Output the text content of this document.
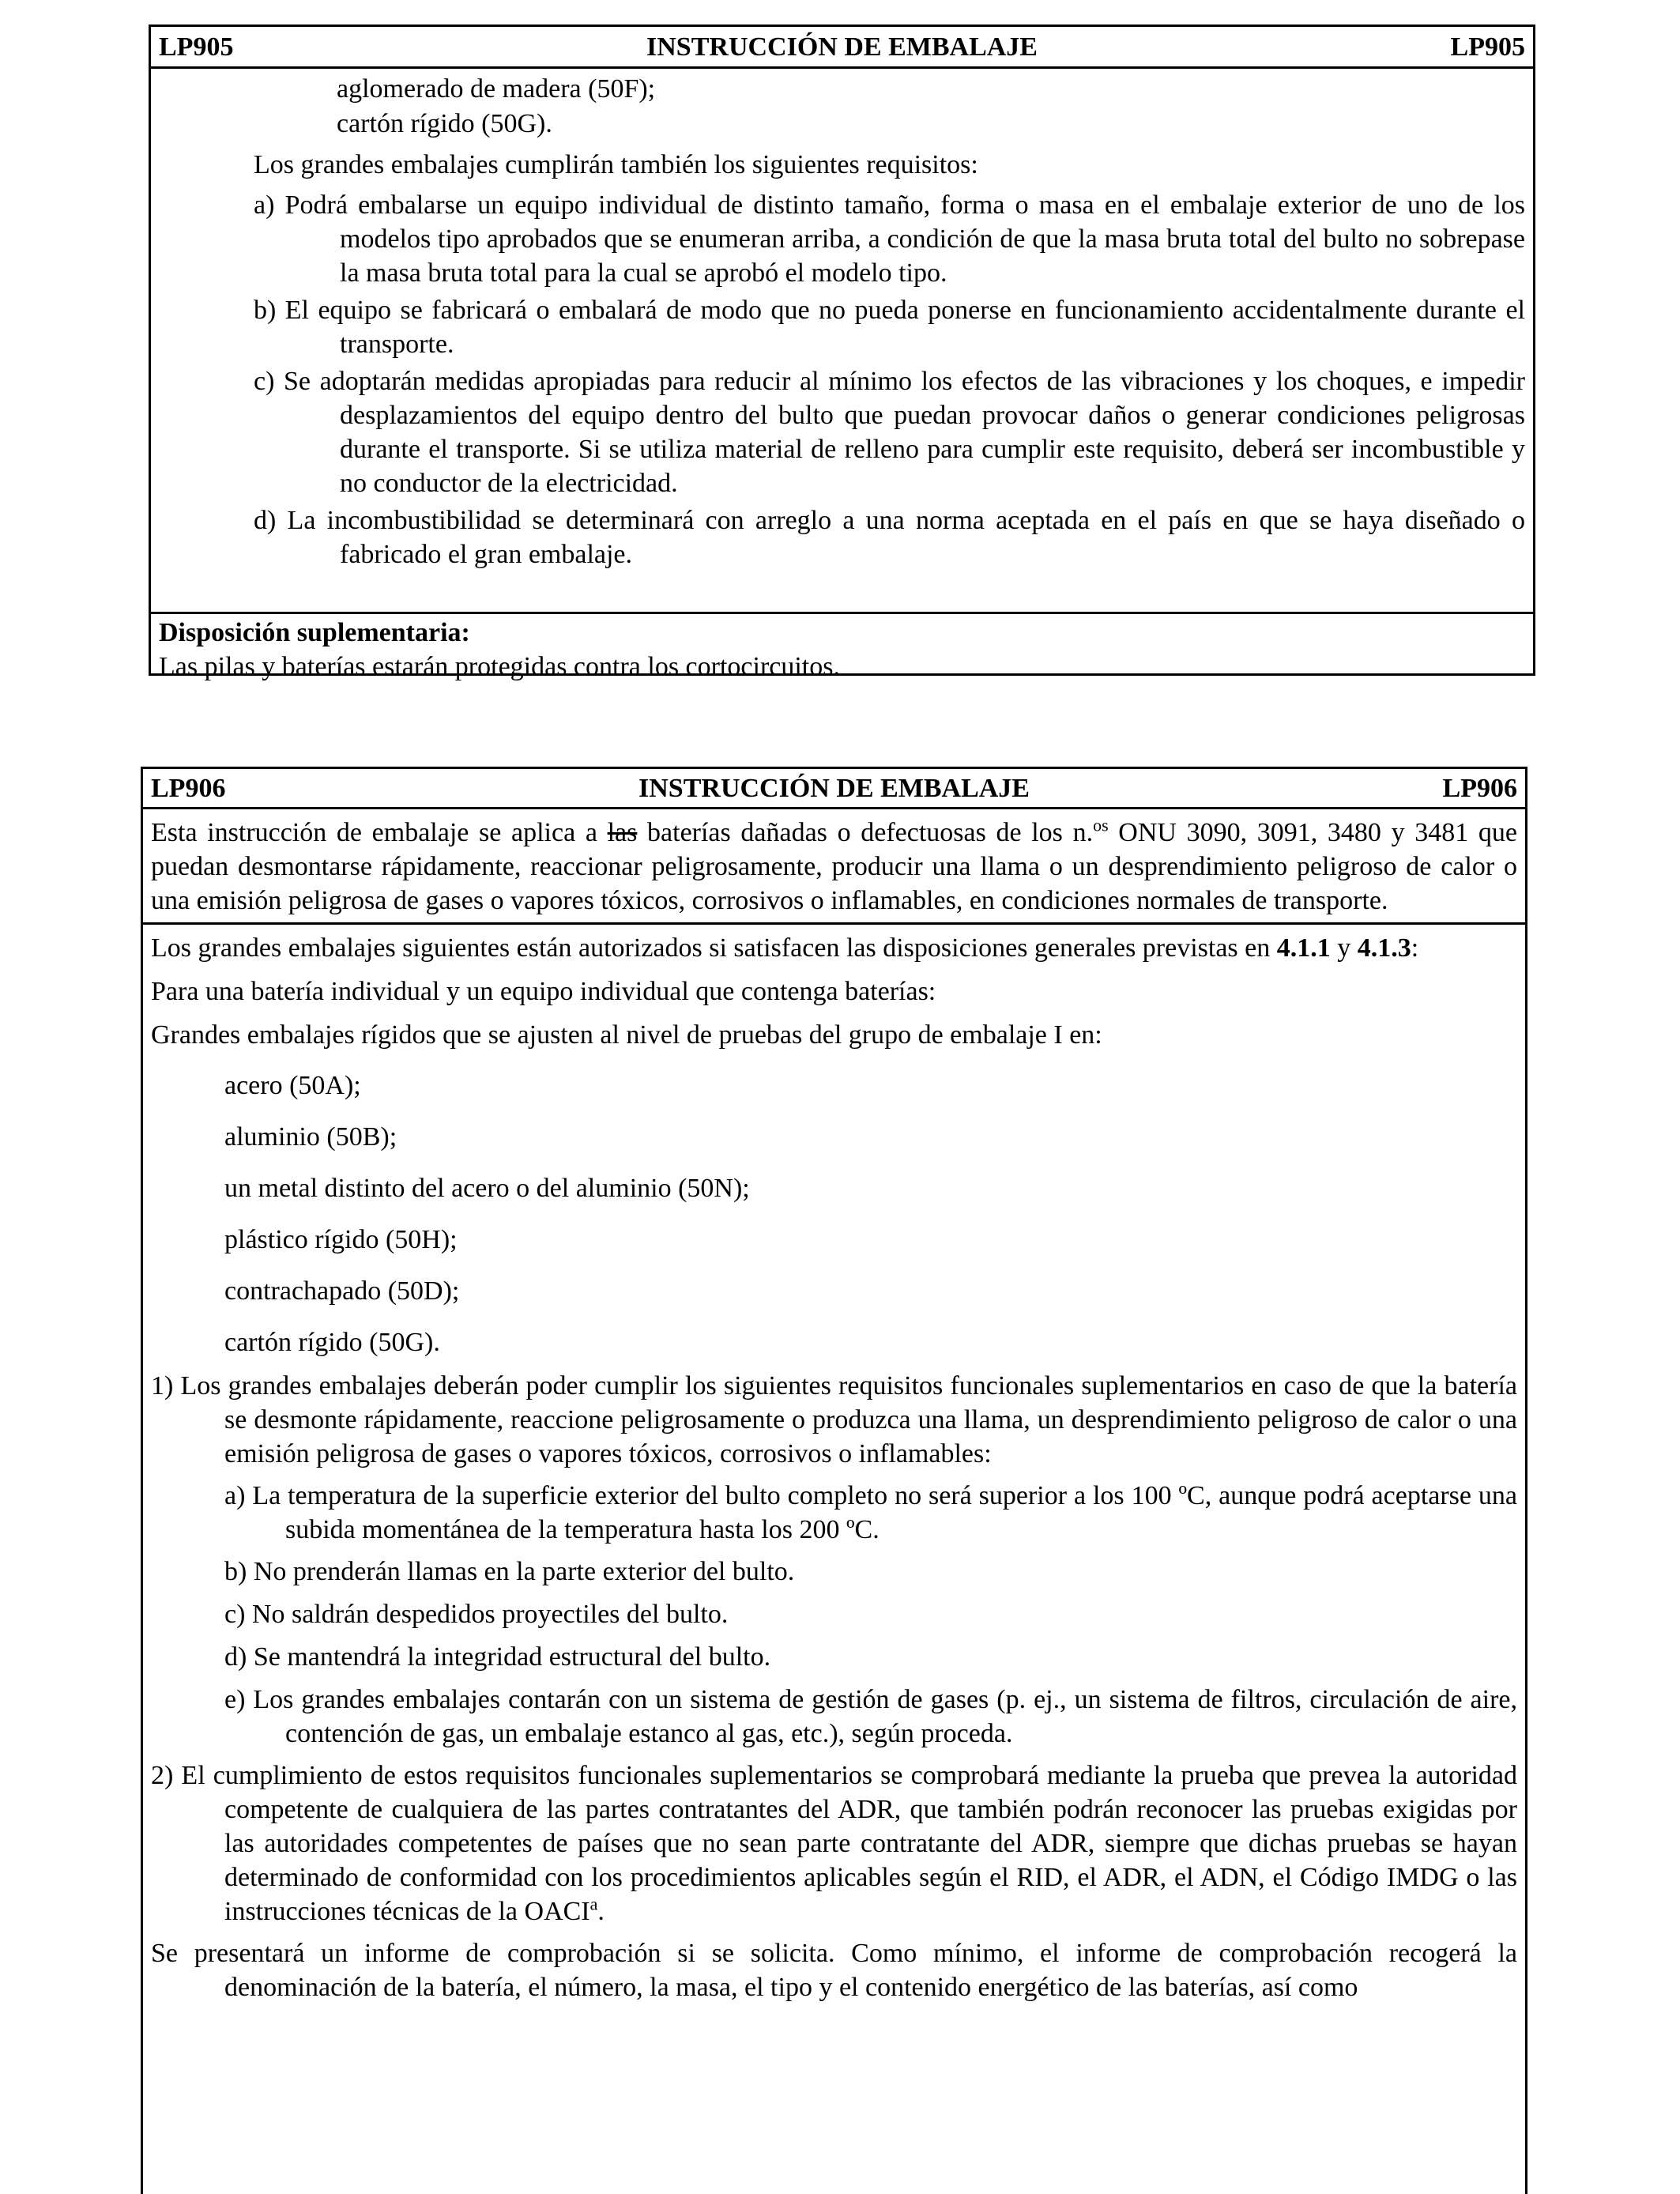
LP905	INSTRUCCIÓN DE EMBALAJE	LP905

aglomerado de madera (50F);

cartón rígido (50G).

Los grandes embalajes cumplirán también los siguientes requisitos:

a) Podrá embalarse un equipo individual de distinto tamaño, forma o masa en el embalaje exterior de uno de los modelos tipo aprobados que se enumeran arriba, a condición de que la masa bruta total del bulto no sobrepase la masa bruta total para la cual se aprobó el modelo tipo.

b) El equipo se fabricará o embalará de modo que no pueda ponerse en funcionamiento accidentalmente durante el transporte.

c) Se adoptarán medidas apropiadas para reducir al mínimo los efectos de las vibraciones y los choques, e impedir desplazamientos del equipo dentro del bulto que puedan provocar daños o generar condiciones peligrosas durante el transporte. Si se utiliza material de relleno para cumplir este requisito, deberá ser incombustible y no conductor de la electricidad.

d) La incombustibilidad se determinará con arreglo a una norma aceptada en el país en que se haya diseñado o fabricado el gran embalaje.

Disposición suplementaria:

Las pilas y baterías estarán protegidas contra los cortocircuitos.

LP906	INSTRUCCIÓN DE EMBALAJE	LP906

Esta instrucción de embalaje se aplica a las baterías dañadas o defectuosas de los n.$^{os}$ ONU 3090, 3091, 3480 y 3481 que puedan desmontarse rápidamente, reaccionar peligrosamente, producir una llama o un desprendimiento peligroso de calor o una emisión peligrosa de gases o vapores tóxicos, corrosivos o inflamables, en condiciones normales de transporte.

Los grandes embalajes siguientes están autorizados si satisfacen las disposiciones generales previstas en 4.1.1 y 4.1.3:

Para una batería individual y un equipo individual que contenga baterías:

Grandes embalajes rígidos que se ajusten al nivel de pruebas del grupo de embalaje I en:

acero (50A);

aluminio (50B);

un metal distinto del acero o del aluminio (50N);

plástico rígido (50H);

contrachapado (50D);

cartón rígido (50G).

1) Los grandes embalajes deberán poder cumplir los siguientes requisitos funcionales suplementarios en caso de que la batería se desmonte rápidamente, reaccione peligrosamente o produzca una llama, un desprendimiento peligroso de calor o una emisión peligrosa de gases o vapores tóxicos, corrosivos o inflamables:

a) La temperatura de la superficie exterior del bulto completo no será superior a los 100 ºC, aunque podrá aceptarse una subida momentánea de la temperatura hasta los 200 ºC.

b) No prenderán llamas en la parte exterior del bulto.

c) No saldrán despedidos proyectiles del bulto.

d) Se mantendrá la integridad estructural del bulto.

e) Los grandes embalajes contarán con un sistema de gestión de gases (p. ej., un sistema de filtros, circulación de aire, contención de gas, un embalaje estanco al gas, etc.), según proceda.

2) El cumplimiento de estos requisitos funcionales suplementarios se comprobará mediante la prueba que prevea la autoridad competente de cualquiera de las partes contratantes del ADR, que también podrán reconocer las pruebas exigidas por las autoridades competentes de países que no sean parte contratante del ADR, siempre que dichas pruebas se hayan determinado de conformidad con los procedimientos aplicables según el RID, el ADR, el ADN, el Código IMDG o las instrucciones técnicas de la OACI$^a$.

Se presentará un informe de comprobación si se solicita. Como mínimo, el informe de comprobación recogerá la denominación de la batería, el número, la masa, el tipo y el contenido energético de las baterías, así como
